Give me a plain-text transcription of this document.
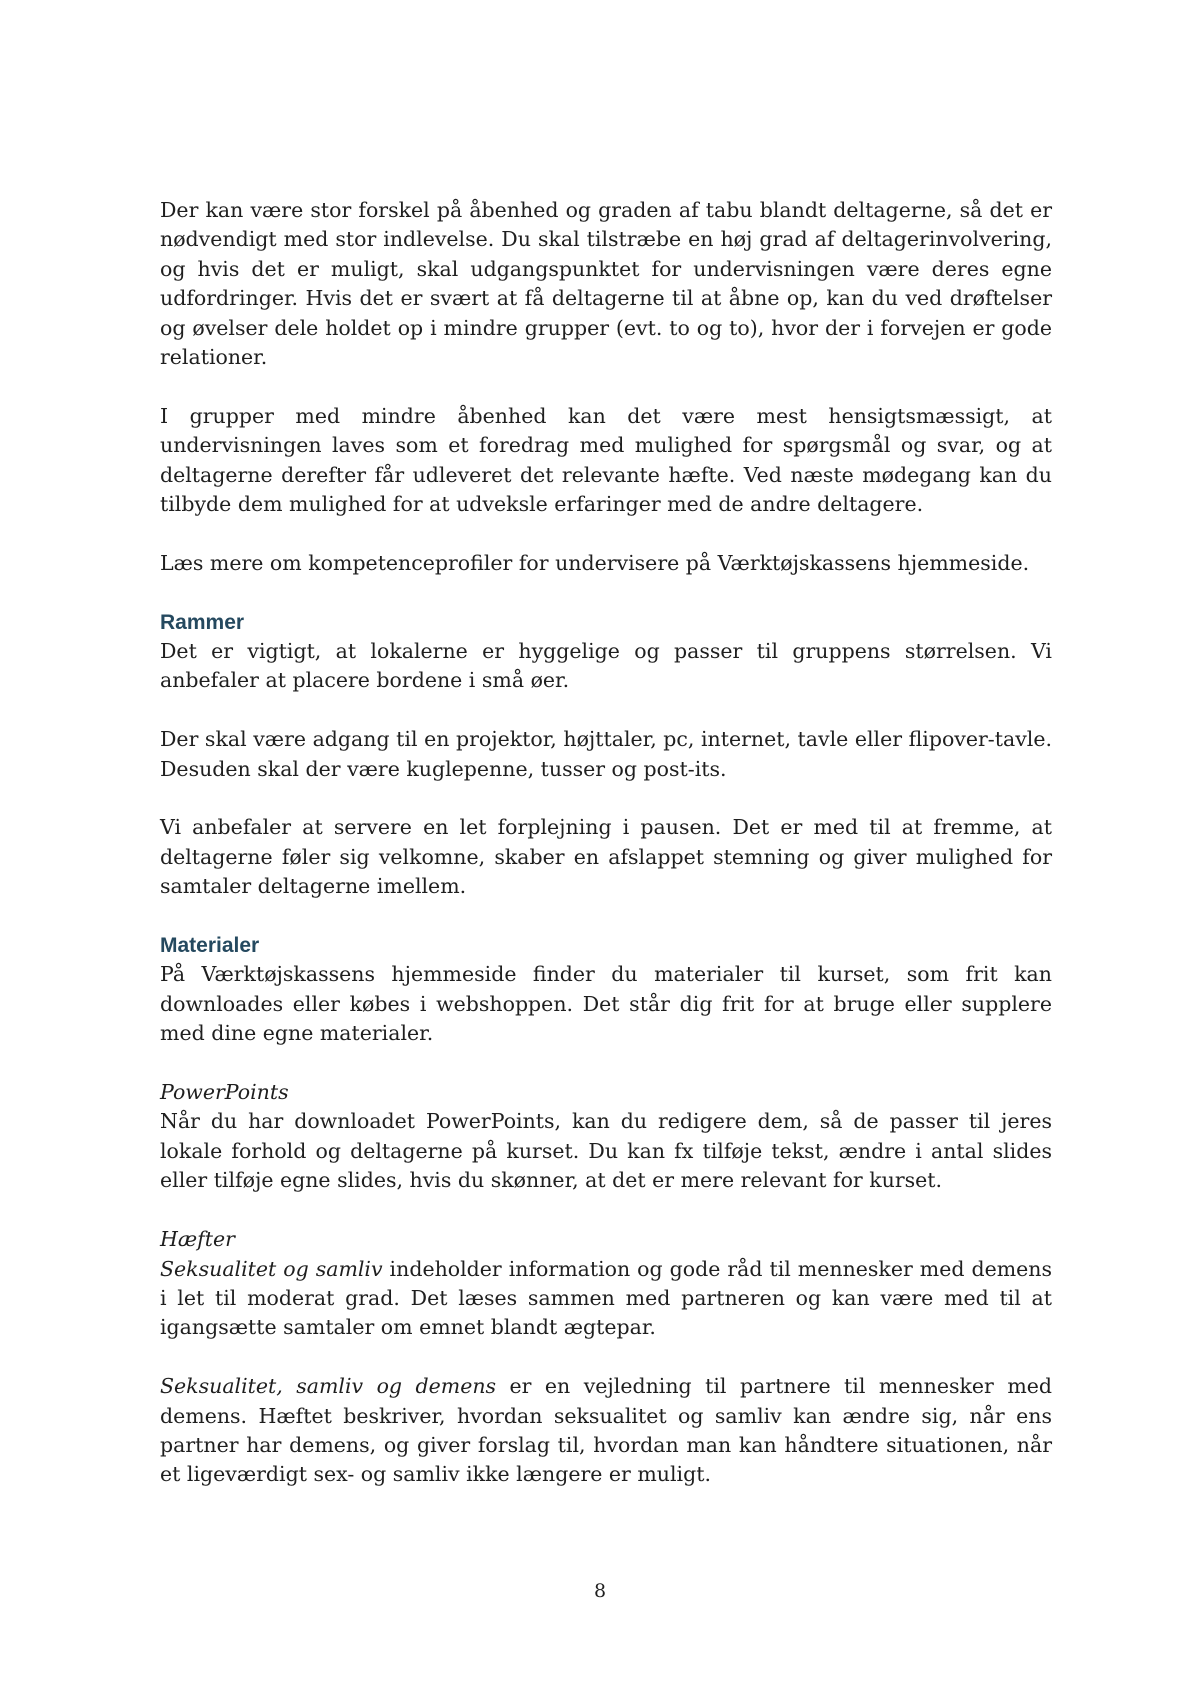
Der kan være stor forskel på åbenhed og graden af tabu blandt deltagerne, så det er nødvendigt med stor indlevelse. Du skal tilstræbe en høj grad af deltagerinvolvering, og hvis det er muligt, skal udgangspunktet for undervisningen være deres egne udfordringer. Hvis det er svært at få deltagerne til at åbne op, kan du ved drøftelser og øvelser dele holdet op i mindre grupper (evt. to og to), hvor der i forvejen er gode relationer.

I grupper med mindre åbenhed kan det være mest hensigtsmæssigt, at undervisningen laves som et foredrag med mulighed for spørgsmål og svar, og at deltagerne derefter får udleveret det relevante hæfte. Ved næste mødegang kan du tilbyde dem mulighed for at udveksle erfaringer med de andre deltagere.

Læs mere om kompetenceprofiler for undervisere på Værktøjskassens hjemmeside.

Rammer

Det er vigtigt, at lokalerne er hyggelige og passer til gruppens størrelsen. Vi anbefaler at placere bordene i små øer.

Der skal være adgang til en projektor, højttaler, pc, internet, tavle eller flipover-tavle. Desuden skal der være kuglepenne, tusser og post-its.

Vi anbefaler at servere en let forplejning i pausen. Det er med til at fremme, at deltagerne føler sig velkomne, skaber en afslappet stemning og giver mulighed for samtaler deltagerne imellem.

Materialer

På Værktøjskassens hjemmeside finder du materialer til kurset, som frit kan downloades eller købes i webshoppen. Det står dig frit for at bruge eller supplere med dine egne materialer.

PowerPoints

Når du har downloadet PowerPoints, kan du redigere dem, så de passer til jeres lokale forhold og deltagerne på kurset. Du kan fx tilføje tekst, ændre i antal slides eller tilføje egne slides, hvis du skønner, at det er mere relevant for kurset.

Hæfter

Seksualitet og samliv indeholder information og gode råd til mennesker med demens i let til moderat grad. Det læses sammen med partneren og kan være med til at igangsætte samtaler om emnet blandt ægtepar.

Seksualitet, samliv og demens er en vejledning til partnere til mennesker med demens. Hæftet beskriver, hvordan seksualitet og samliv kan ændre sig, når ens partner har demens, og giver forslag til, hvordan man kan håndtere situationen, når et ligeværdigt sex- og samliv ikke længere er muligt.

8
